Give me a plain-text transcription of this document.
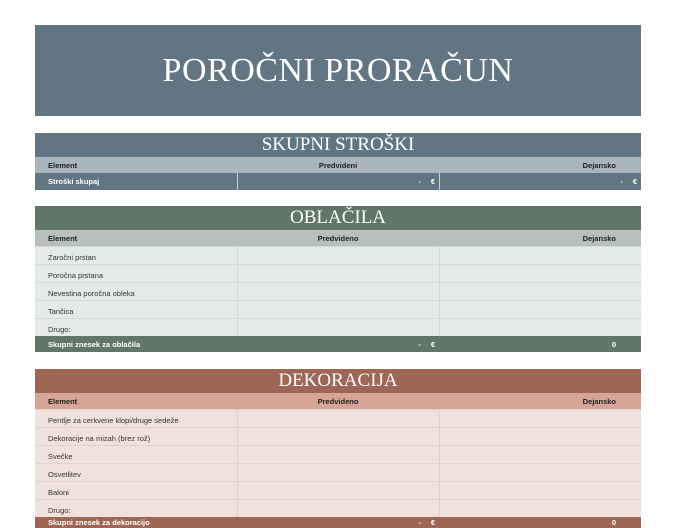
POROČNI PRORAČUN
SKUPNI STROŠKI
Element	Predvideni	Dejansko
Stroški skupaj	- €	- €
OBLAČILA
Element	Predvideno	Dejansko
Zaročni prstan
Poročna prstana
Nevestina poročna obleka
Tančica
Drugo:
Skupni znesek za oblačila	- €	0
DEKORACIJA
Element	Predvideno	Dejansko
Pentlje za cerkvene klopi/druge sedeže
Dekoracije na mizah (brez rož)
Svečke
Osvetlitev
Baloni
Drugo:
Skupni znesek za dekoracijo	- €	0
